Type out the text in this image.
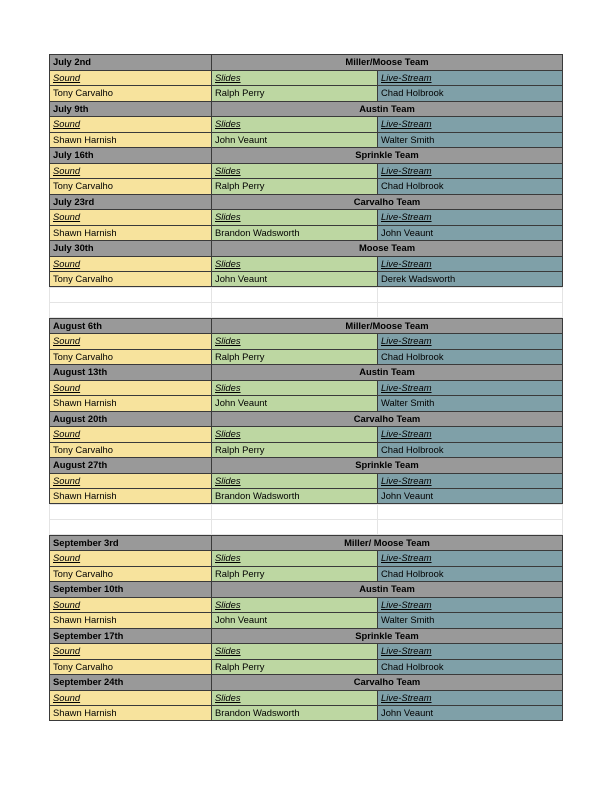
July 2nd	Miller/Moose Team
Sound	Slides	Live-Stream
Tony Carvalho	Ralph Perry	Chad Holbrook
July 9th	Austin Team
Sound	Slides	Live-Stream
Shawn Harnish	John Veaunt	Walter Smith
July 16th	Sprinkle Team
Sound	Slides	Live-Stream
Tony Carvalho	Ralph Perry	Chad Holbrook
July 23rd	Carvalho Team
Sound	Slides	Live-Stream
Shawn Harnish	Brandon Wadsworth	John Veaunt
July 30th	Moose Team
Sound	Slides	Live-Stream
Tony Carvalho	John Veaunt	Derek Wadsworth
August 6th	Miller/Moose Team
Sound	Slides	Live-Stream
Tony Carvalho	Ralph Perry	Chad Holbrook
August 13th	Austin Team
Sound	Slides	Live-Stream
Shawn Harnish	John Veaunt	Walter Smith
August 20th	Carvalho Team
Sound	Slides	Live-Stream
Tony Carvalho	Ralph Perry	Chad Holbrook
August 27th	Sprinkle Team
Sound	Slides	Live-Stream
Shawn Harnish	Brandon Wadsworth	John Veaunt
September 3rd	Miller/ Moose Team
Sound	Slides	Live-Stream
Tony Carvalho	Ralph Perry	Chad Holbrook
September 10th	Austin Team
Sound	Slides	Live-Stream
Shawn Harnish	John Veaunt	Walter Smith
September 17th	Sprinkle Team
Sound	Slides	Live-Stream
Tony Carvalho	Ralph Perry	Chad Holbrook
September 24th	Carvalho Team
Sound	Slides	Live-Stream
Shawn Harnish	Brandon Wadsworth	John Veaunt
